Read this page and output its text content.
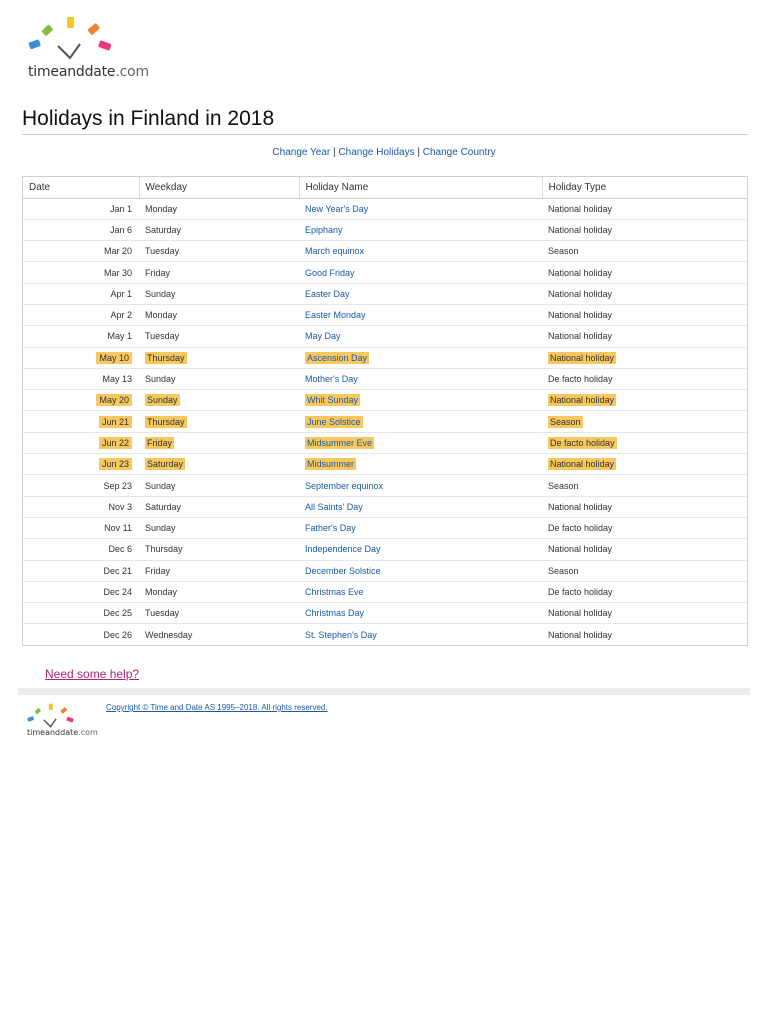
timeanddate.com
Holidays in Finland in 2018
Change Year | Change Holidays | Change Country
Date	Weekday	Holiday Name	Holiday Type
Jan 1	Monday	New Year's Day	National holiday
Jan 6	Saturday	Epiphany	National holiday
Mar 20	Tuesday	March equinox	Season
Mar 30	Friday	Good Friday	National holiday
Apr 1	Sunday	Easter Day	National holiday
Apr 2	Monday	Easter Monday	National holiday
May 1	Tuesday	May Day	National holiday
May 10	Thursday	Ascension Day	National holiday
May 13	Sunday	Mother's Day	De facto holiday
May 20	Sunday	Whit Sunday	National holiday
Jun 21	Thursday	June Solstice	Season
Jun 22	Friday	Midsummer Eve	De facto holiday
Jun 23	Saturday	Midsummer	National holiday
Sep 23	Sunday	September equinox	Season
Nov 3	Saturday	All Saints' Day	National holiday
Nov 11	Sunday	Father's Day	De facto holiday
Dec 6	Thursday	Independence Day	National holiday
Dec 21	Friday	December Solstice	Season
Dec 24	Monday	Christmas Eve	De facto holiday
Dec 25	Tuesday	Christmas Day	National holiday
Dec 26	Wednesday	St. Stephen's Day	National holiday
Need some help?
timeanddate.com
Copyright © Time and Date AS 1995–2018. All rights reserved.
